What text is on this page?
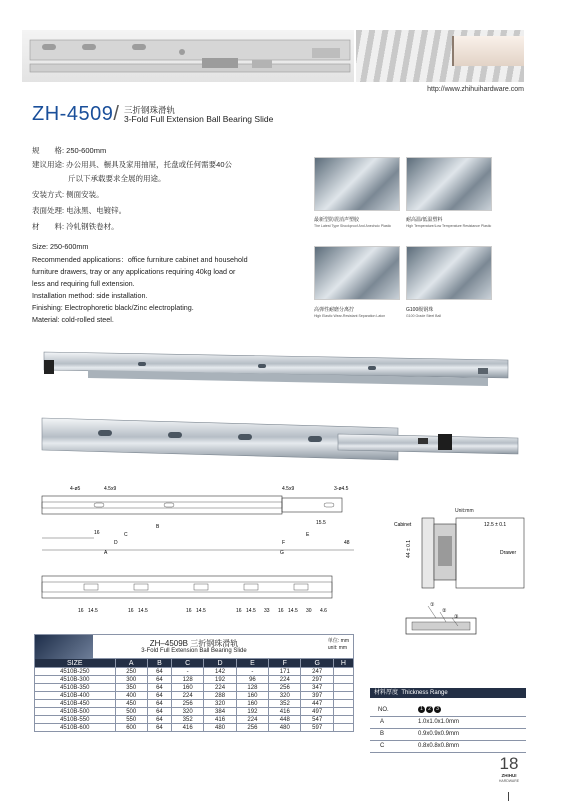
http://www.zhihuihardware.com
ZH-4509/ 三折钢珠滑轨
3-Fold Full Extension Ball Bearing Slide
规　　格: 250-600mm
建议用途: 办公用具、橱具及家用抽屉，托盘或任何需要40公
斤以下承载要求全展的用途。
安装方式: 侧面安装。
表面处理: 电泳黑、电镀锌。
材　　料: 冷轧钢铁卷材。
Size: 250-600mm
Recommended applications：office furniture cabinet and household
furniture drawers, tray or any applications requiring 40kg load or
less and requiring full extension.
Installation method: side installation.
Finishing: Electrophoretic black/Zinc electroplating.
Material: cold-rolled steel.
最新型防震消声塑胶
The Latest Type Shockproof And Anechoic Plastic
耐高温/低温塑料
High Temperature/Low Temperature Resistance Plastic
高弹性耐磨分离拧
High Elastic Wear-Resistant Separation Laton
G100级钢珠
G100 Grade Steel Ball
4-ø5	4.5x9	4.5x9	3-ø4.5
16
B
C
D
A
15.5
E
F	48
G
16 14.5	16 14.5	16 14.5	16 14.5 33 16 14.5 30 4.6
Unit:mm
Cabinet	12.5 ± 0.1
44 ± 0.1	Drawer
①
②
③
ZH–4509B 三折钢珠滑轨
3-Fold Full Extension Ball Bearing Slide
单位: mm
unit: mm
SIZE	A	B	C	D	E	F	G	H
4510B-250	250	64	-	142	-	171	247	
4510B-300	300	64	128	192	96	224	297	
4510B-350	350	64	160	224	128	256	347	
4510B-400	400	64	224	288	160	320	397	
4510B-450	450	64	256	320	160	352	447	
4510B-500	500	64	320	384	192	416	497	
4510B-550	550	64	352	416	224	448	547	
4510B-600	600	64	416	480	256	480	597	
材料厚度 Thickness Range
NO.	1 2 3
A	1.0x1.0x1.0mm
B	0.9x0.9x0.9mm
C	0.8x0.8x0.8mm
18
ZHIHUI
HARDWARE
